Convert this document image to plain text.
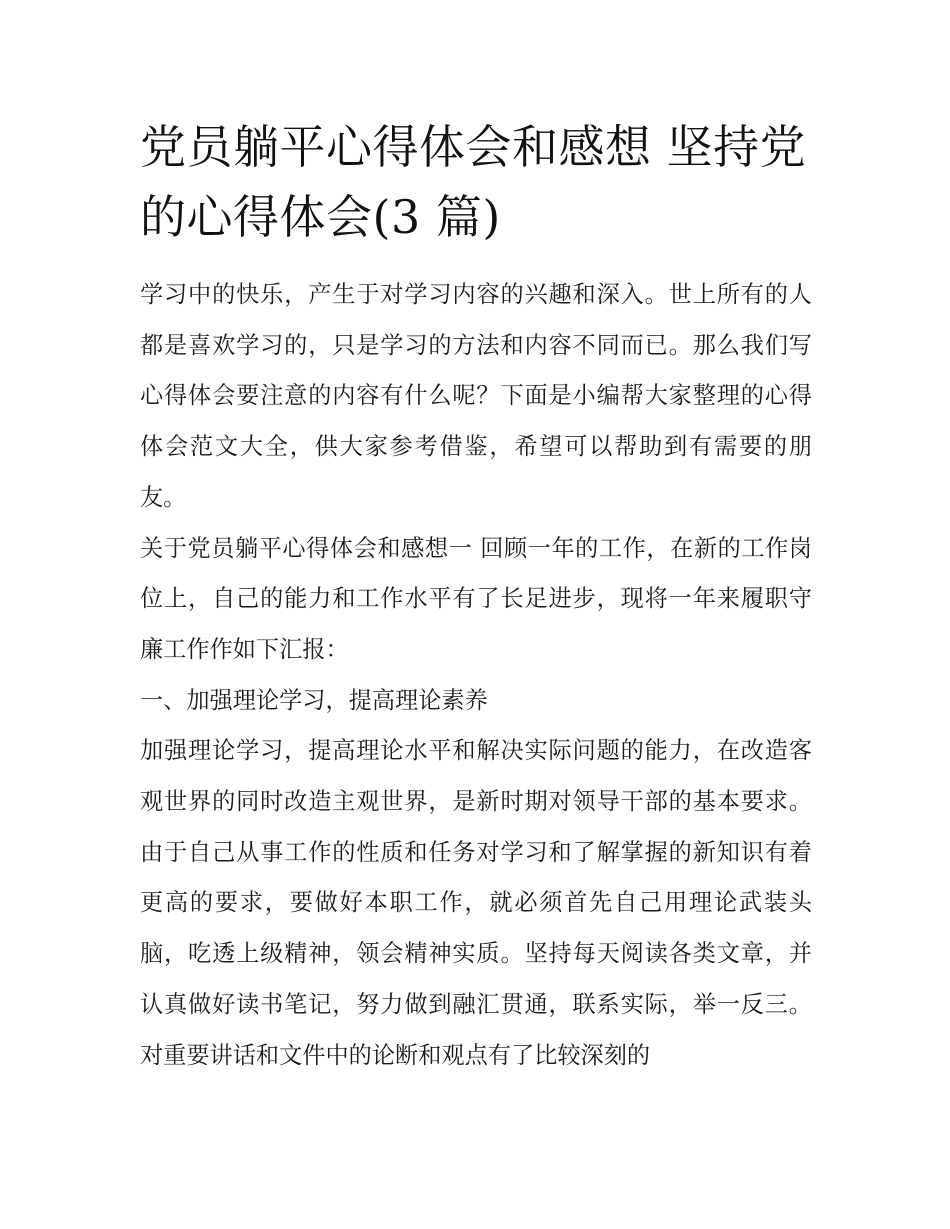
党员躺平心得体会和感想 坚持党的心得体会(3 篇)

学习中的快乐，产生于对学习内容的兴趣和深入。世上所有的人都是喜欢学习的，只是学习的方法和内容不同而已。那么我们写心得体会要注意的内容有什么呢？下面是小编帮大家整理的心得体会范文大全，供大家参考借鉴，希望可以帮助到有需要的朋友。

关于党员躺平心得体会和感想一 回顾一年的工作，在新的工作岗位上，自己的能力和工作水平有了长足进步，现将一年来履职守廉工作作如下汇报：

一、加强理论学习，提高理论素养

加强理论学习，提高理论水平和解决实际问题的能力，在改造客观世界的同时改造主观世界，是新时期对领导干部的基本要求。由于自己从事工作的性质和任务对学习和了解掌握的新知识有着更高的要求，要做好本职工作，就必须首先自己用理论武装头脑，吃透上级精神，领会精神实质。坚持每天阅读各类文章，并认真做好读书笔记，努力做到融汇贯通，联系实际，举一反三。对重要讲话和文件中的论断和观点有了比较深刻的
